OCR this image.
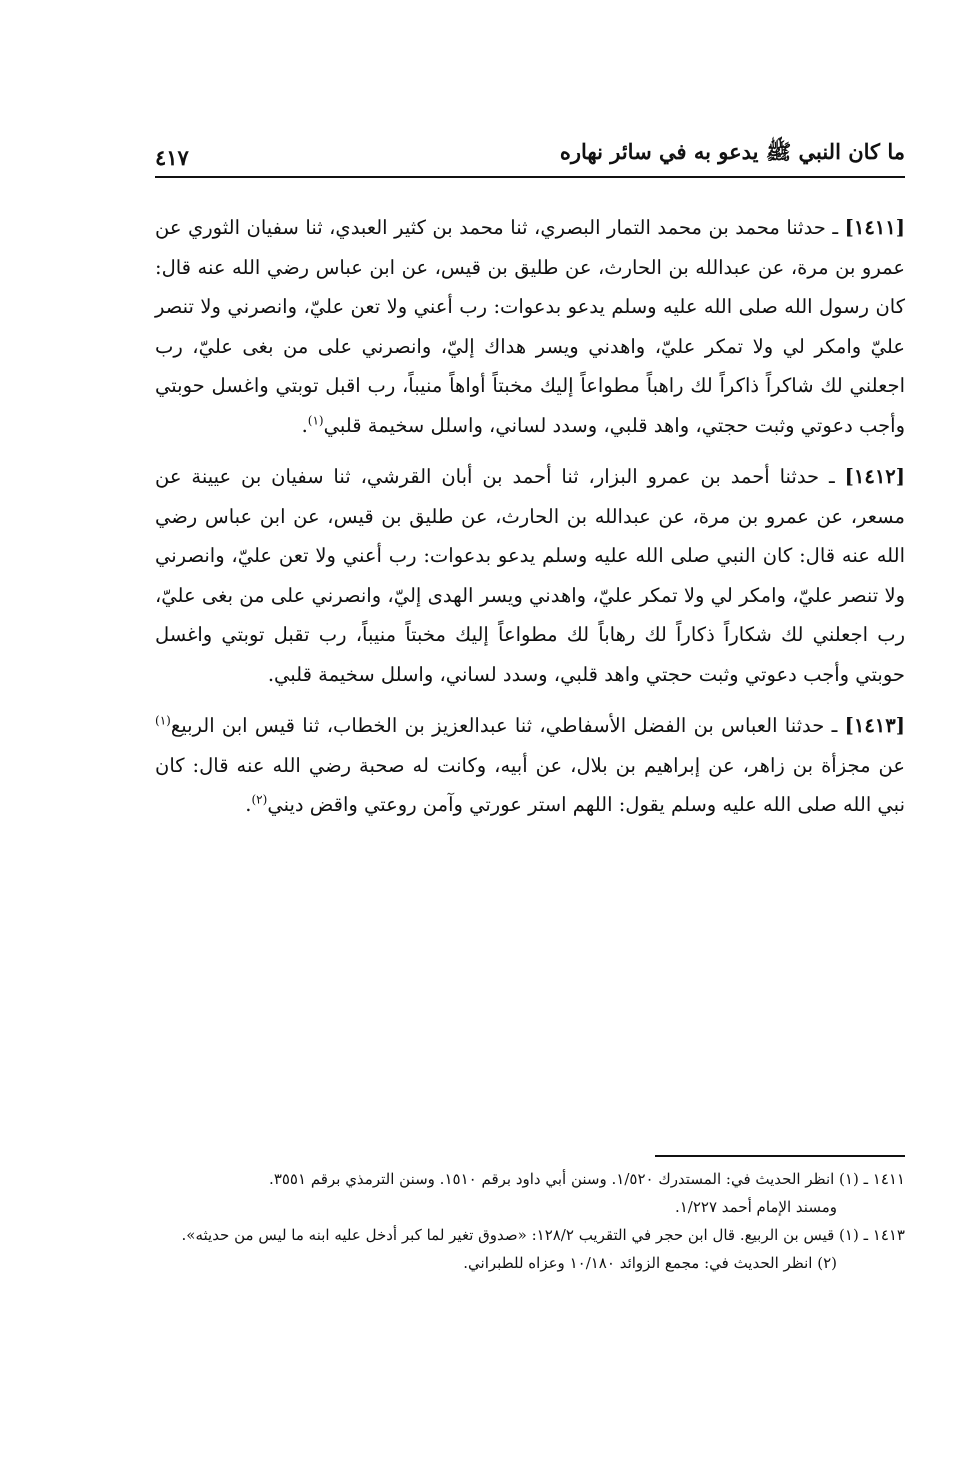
ما كان النبي ﷺ يدعو به في سائر نهاره
٤١٧

[١٤١١] ـ حدثنا محمد بن محمد التمار البصري، ثنا محمد بن كثير العبدي، ثنا سفيان الثوري عن عمرو بن مرة، عن عبدالله بن الحارث، عن طليق بن قيس، عن ابن عباس رضي الله عنه قال: كان رسول الله صلى الله عليه وسلم يدعو بدعوات: رب أعني ولا تعن عليّ، وانصرني ولا تنصر عليّ وامكر لي ولا تمكر عليّ، واهدني ويسر هداك إليّ، وانصرني على من بغى عليّ، رب اجعلني لك شاكراً ذاكراً لك راهباً مطواعاً إليك مخبتاً أواهاً منيباً، رب اقبل توبتي واغسل حوبتي وأجب دعوتي وثبت حجتي، واهد قلبي، وسدد لساني، واسلل سخيمة قلبي$^{(١)}$.

[١٤١٢] ـ حدثنا أحمد بن عمرو البزار، ثنا أحمد بن أبان القرشي، ثنا سفيان بن عيينة عن مسعر، عن عمرو بن مرة، عن عبدالله بن الحارث، عن طليق بن قيس، عن ابن عباس رضي الله عنه قال: كان النبي صلى الله عليه وسلم يدعو بدعوات: رب أعني ولا تعن عليّ، وانصرني ولا تنصر عليّ، وامكر لي ولا تمكر عليّ، واهدني ويسر الهدى إليّ، وانصرني على من بغى عليّ، رب اجعلني لك شكاراً ذكاراً لك رهاباً لك مطواعاً إليك مخبتاً منيباً، رب تقبل توبتي واغسل حوبتي وأجب دعوتي وثبت حجتي واهد قلبي، وسدد لساني، واسلل سخيمة قلبي.

[١٤١٣] ـ حدثنا العباس بن الفضل الأسفاطي، ثنا عبدالعزيز بن الخطاب، ثنا قيس ابن الربيع$^{(١)}$ عن مجزأة بن زاهر، عن إبراهيم بن بلال، عن أبيه، وكانت له صحبة رضي الله عنه قال: كان نبي الله صلى الله عليه وسلم يقول: اللهم استر عورتي وآمن روعتي واقض ديني$^{(٢)}$.

١٤١١ ـ (١) انظر الحديث في: المستدرك ١/٥٢٠. وسنن أبي داود برقم ١٥١٠. وسنن الترمذي برقم ٣٥٥١.

ومسند الإمام أحمد ١/٢٢٧.

١٤١٣ ـ (١) قيس بن الربيع. قال ابن حجر في التقريب ١٢٨/٢: «صدوق تغير لما كبر أدخل عليه ابنه ما ليس من حديثه».

(٢) انظر الحديث في: مجمع الزوائد ١٠/١٨٠ وعزاه للطبراني.
